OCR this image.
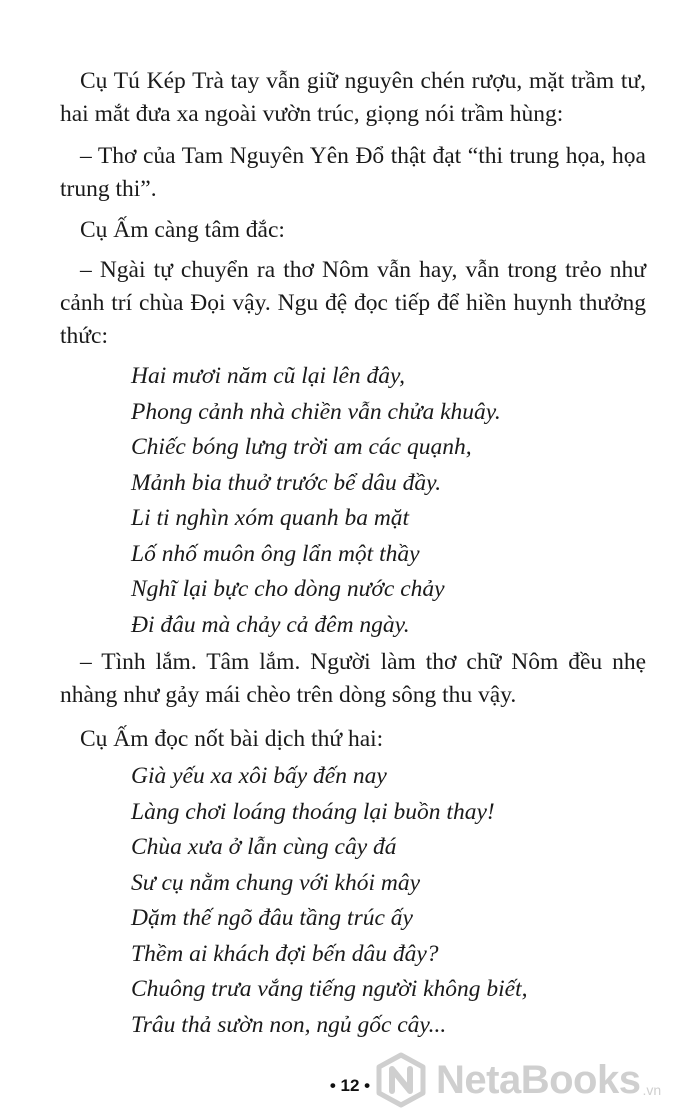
Cụ Tú Kép Trà tay vẫn giữ nguyên chén rượu, mặt trầm tư, hai mắt đưa xa ngoài vườn trúc, giọng nói trầm hùng:

– Thơ của Tam Nguyên Yên Đổ thật đạt “thi trung họa, họa trung thi”.

Cụ Ấm càng tâm đắc:

– Ngài tự chuyển ra thơ Nôm vẫn hay, vẫn trong trẻo như cảnh trí chùa Đọi vậy. Ngu đệ đọc tiếp để hiền huynh thưởng thức:

Hai mươi năm cũ lại lên đây,
Phong cảnh nhà chiền vẫn chửa khuây.
Chiếc bóng lưng trời am các quạnh,
Mảnh bia thuở trước bể dâu đầy.
Li ti nghìn xóm quanh ba mặt
Lố nhố muôn ông lẩn một thầy
Nghĩ lại bực cho dòng nước chảy
Đi đâu mà chảy cả đêm ngày.

– Tình lắm. Tâm lắm. Người làm thơ chữ Nôm đều nhẹ nhàng như gảy mái chèo trên dòng sông thu vậy.

Cụ Ấm đọc nốt bài dịch thứ hai:

Già yếu xa xôi bấy đến nay
Làng chơi loáng thoáng lại buồn thay!
Chùa xưa ở lẫn cùng cây đá
Sư cụ nằm chung với khói mây
Dặm thế ngõ đâu tầng trúc ấy
Thềm ai khách đợi bến dâu đây?
Chuông trưa vắng tiếng người không biết,
Trâu thả sườn non, ngủ gốc cây...
• 12 •	NetaBooks .vn
